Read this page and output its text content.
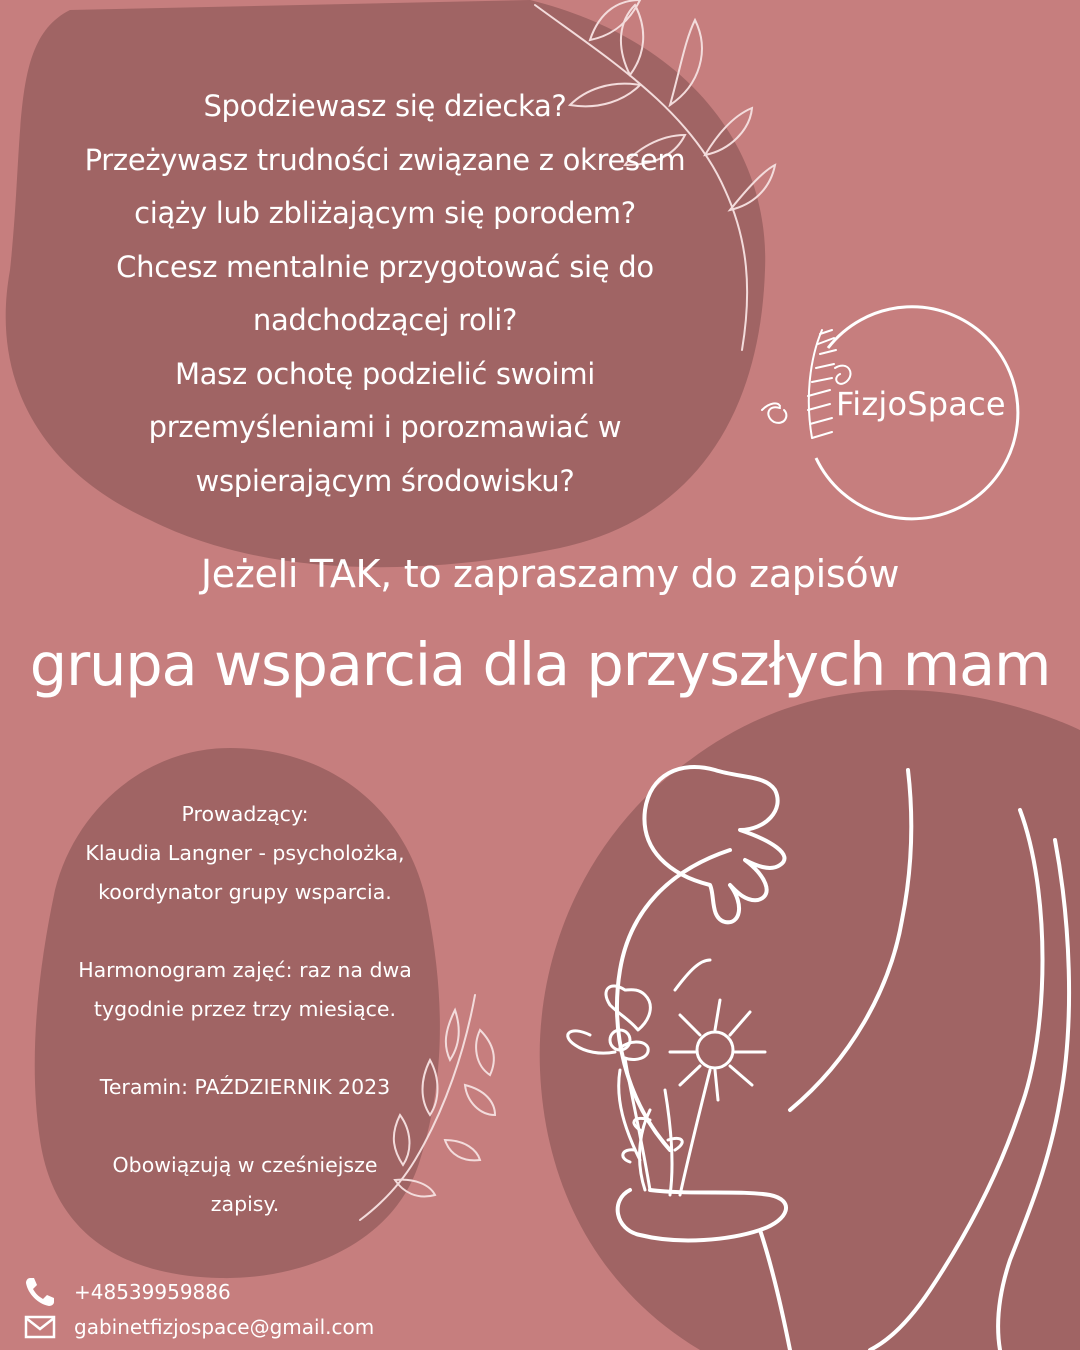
Spodziewasz się dziecka?
Przeżywasz trudności związane z okresem
ciąży lub zbliżającym się porodem?
Chcesz mentalnie przygotować się do
nadchodzącej roli?
Masz ochotę podzielić swoimi
przemyśleniami i porozmawiać w
wspierającym środowisku?

FizjoSpace
Jeżeli TAK, to zapraszamy do zapisów
grupa wsparcia dla przyszłych mam

Prowadzący:

Klaudia Langner - psycholożka,

koordynator grupy wsparcia.

Harmonogram zajęć: raz na dwa

tygodnie przez trzy miesiące.

Teramin: PAŹDZIERNIK 2023

Obowiązują w cześniejsze

zapisy.

+48539959886
gabinetfizjospace@gmail.com
